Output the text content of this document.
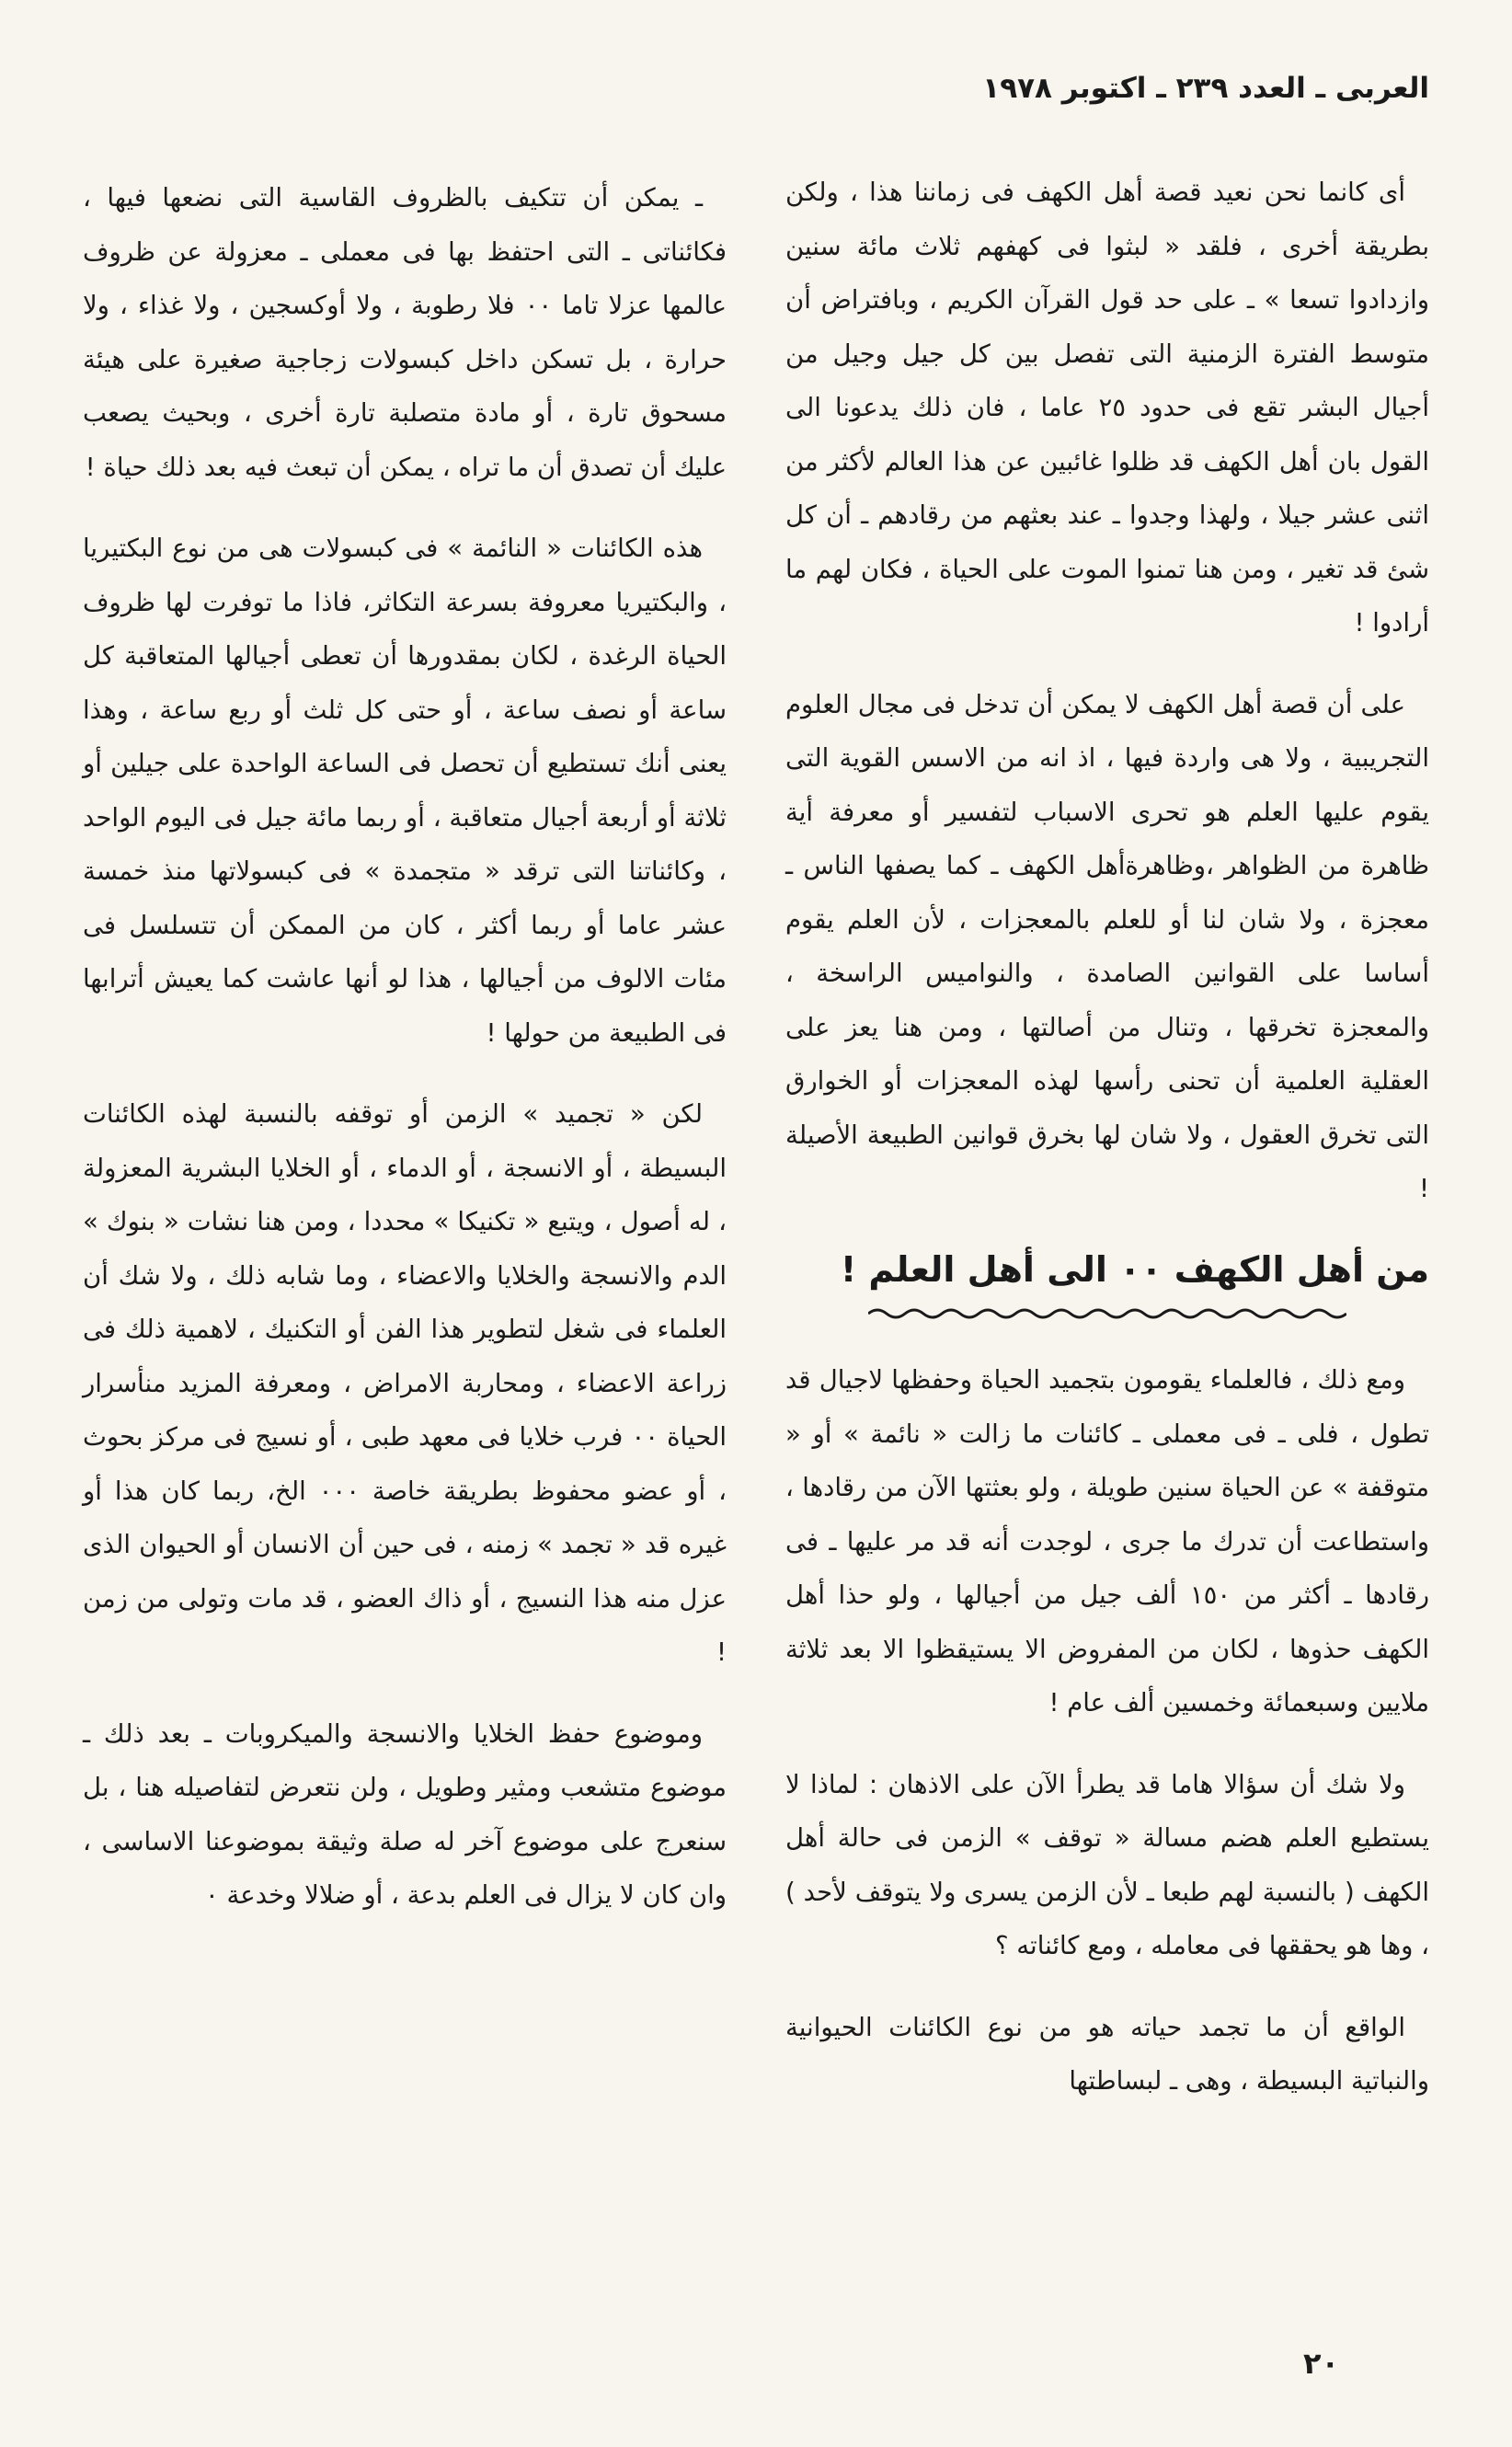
العربى ـ العدد ٢٣٩ ـ اكتوبر ١٩٧٨

أى كانما نحن نعيد قصة أهل الكهف فى زماننا هذا ، ولكن بطريقة أخرى ، فلقد « لبثوا فى كهفهم ثلاث مائة سنين وازدادوا تسعا » ـ على حد قول القرآن الكريم ، وبافتراض أن متوسط الفترة الزمنية التى تفصل بين كل جيل وجيل من أجيال البشر تقع فى حدود ٢٥ عاما ، فان ذلك يدعونا الى القول بان أهل الكهف قد ظلوا غائبين عن هذا العالم لأكثر من اثنى عشر جيلا ، ولهذا وجدوا ـ عند بعثهم من رقادهم ـ أن كل شئ قد تغير ، ومن هنا تمنوا الموت على الحياة ، فكان لهم ما أرادوا !

على أن قصة أهل الكهف لا يمكن أن تدخل فى مجال العلوم التجريبية ، ولا هى واردة فيها ، اذ انه من الاسس القوية التى يقوم عليها العلم هو تحرى الاسباب لتفسير أو معرفة أية ظاهرة من الظواهر ،وظاهرةأهل الكهف ـ كما يصفها الناس ـ معجزة ، ولا شان لنا أو للعلم بالمعجزات ، لأن العلم يقوم أساسا على القوانين الصامدة ، والنواميس الراسخة ، والمعجزة تخرقها ، وتنال من أصالتها ، ومن هنا يعز على العقلية العلمية أن تحنى رأسها لهذه المعجزات أو الخوارق التى تخرق العقول ، ولا شان لها بخرق قوانين الطبيعة الأصيلة !

من أهل الكهف ٠٠ الى أهل العلم !

ومع ذلك ، فالعلماء يقومون بتجميد الحياة وحفظها لاجيال قد تطول ، فلى ـ فى معملى ـ كائنات ما زالت « نائمة » أو « متوقفة » عن الحياة سنين طويلة ، ولو بعثتها الآن من رقادها ، واستطاعت أن تدرك ما جرى ، لوجدت أنه قد مر عليها ـ فى رقادها ـ أكثر من ١٥٠ ألف جيل من أجيالها ، ولو حذا أهل الكهف حذوها ، لكان من المفروض الا يستيقظوا الا بعد ثلاثة ملايين وسبعمائة وخمسين ألف عام !

ولا شك أن سؤالا هاما قد يطرأ الآن على الاذهان : لماذا لا يستطيع العلم هضم مسالة « توقف » الزمن فى حالة أهل الكهف ( بالنسبة لهم طبعا ـ لأن الزمن يسرى ولا يتوقف لأحد ) ، وها هو يحققها فى معامله ، ومع كائناته ؟

الواقع أن ما تجمد حياته هو من نوع الكائنات الحيوانية والنباتية البسيطة ، وهى ـ لبساطتها

ـ يمكن أن تتكيف بالظروف القاسية التى نضعها فيها ، فكائناتى ـ التى احتفظ بها فى معملى ـ معزولة عن ظروف عالمها عزلا تاما ٠٠ فلا رطوبة ، ولا أوكسجين ، ولا غذاء ، ولا حرارة ، بل تسكن داخل كبسولات زجاجية صغيرة على هيئة مسحوق تارة ، أو مادة متصلبة تارة أخرى ، وبحيث يصعب عليك أن تصدق أن ما تراه ، يمكن أن تبعث فيه بعد ذلك حياة !

هذه الكائنات « النائمة » فى كبسولات هى من نوع البكتيريا ، والبكتيريا معروفة بسرعة التكاثر، فاذا ما توفرت لها ظروف الحياة الرغدة ، لكان بمقدورها أن تعطى أجيالها المتعاقبة كل ساعة أو نصف ساعة ، أو حتى كل ثلث أو ربع ساعة ، وهذا يعنى أنك تستطيع أن تحصل فى الساعة الواحدة على جيلين أو ثلاثة أو أربعة أجيال متعاقبة ، أو ربما مائة جيل فى اليوم الواحد ، وكائناتنا التى ترقد « متجمدة » فى كبسولاتها منذ خمسة عشر عاما أو ربما أكثر ، كان من الممكن أن تتسلسل فى مئات الالوف من أجيالها ، هذا لو أنها عاشت كما يعيش أترابها فى الطبيعة من حولها !

لكن « تجميد » الزمن أو توقفه بالنسبة لهذه الكائنات البسيطة ، أو الانسجة ، أو الدماء ، أو الخلايا البشرية المعزولة ، له أصول ، ويتبع « تكنيكا » محددا ، ومن هنا نشات « بنوك » الدم والانسجة والخلايا والاعضاء ، وما شابه ذلك ، ولا شك أن العلماء فى شغل لتطوير هذا الفن أو التكنيك ، لاهمية ذلك فى زراعة الاعضاء ، ومحاربة الامراض ، ومعرفة المزيد منأسرار الحياة ٠٠ فرب خلايا فى معهد طبى ، أو نسيج فى مركز بحوث ، أو عضو محفوظ بطريقة خاصة ٠٠٠ الخ، ربما كان هذا أو غيره قد « تجمد » زمنه ، فى حين أن الانسان أو الحيوان الذى عزل منه هذا النسيج ، أو ذاك العضو ، قد مات وتولى من زمن !

وموضوع حفظ الخلايا والانسجة والميكروبات ـ بعد ذلك ـ موضوع متشعب ومثير وطويل ، ولن نتعرض لتفاصيله هنا ، بل سنعرج على موضوع آخر له صلة وثيقة بموضوعنا الاساسى ، وان كان لا يزال فى العلم بدعة ، أو ضلالا وخدعة ٠

٢٠
